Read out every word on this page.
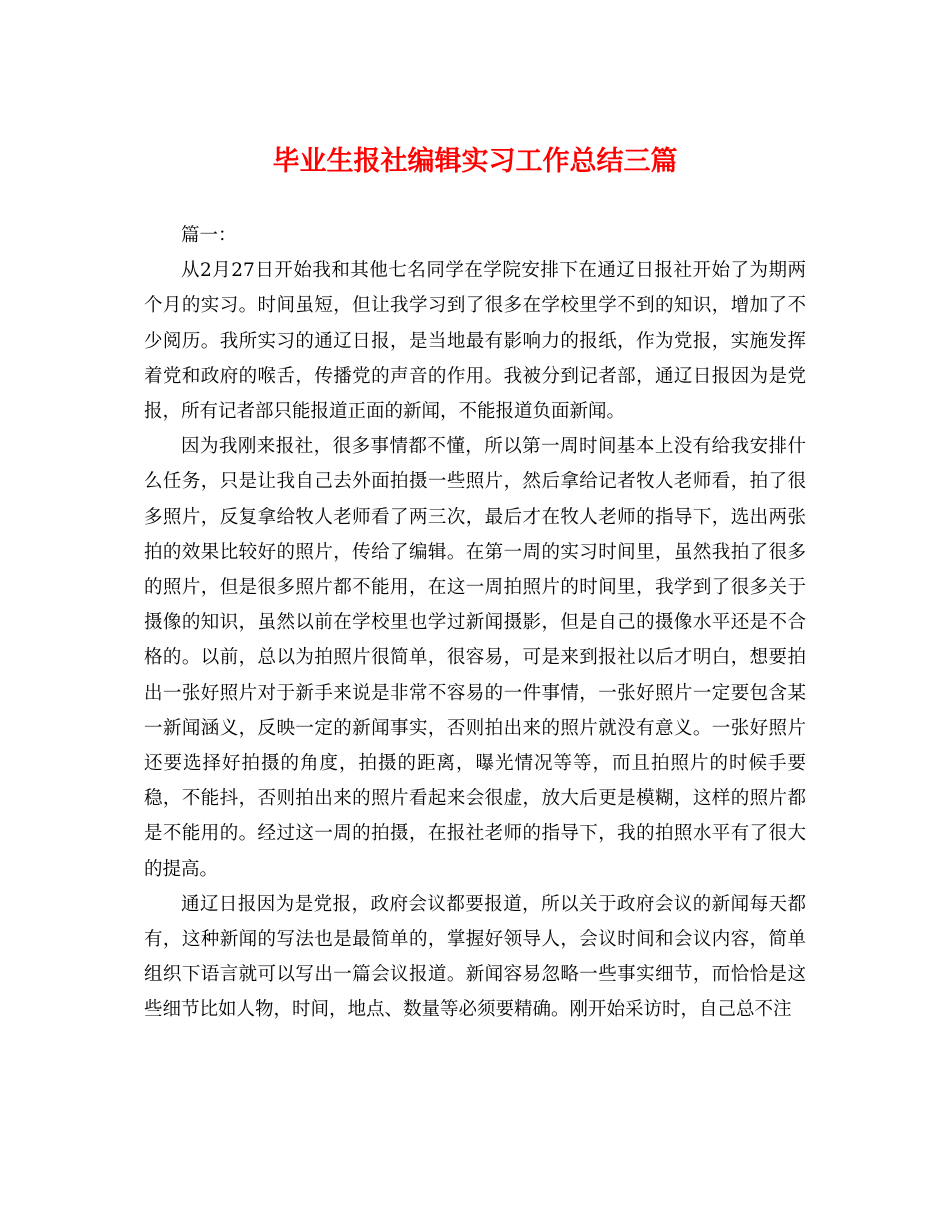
毕业生报社编辑实习工作总结三篇

篇一：

从2月27日开始我和其他七名同学在学院安排下在通辽日报社开始了为期两个月的实习。时间虽短，但让我学习到了很多在学校里学不到的知识，增加了不少阅历。我所实习的通辽日报，是当地最有影响力的报纸，作为党报，实施发挥着党和政府的喉舌，传播党的声音的作用。我被分到记者部，通辽日报因为是党报，所有记者部只能报道正面的新闻，不能报道负面新闻。

因为我刚来报社，很多事情都不懂，所以第一周时间基本上没有给我安排什么任务，只是让我自己去外面拍摄一些照片，然后拿给记者牧人老师看，拍了很多照片，反复拿给牧人老师看了两三次，最后才在牧人老师的指导下，选出两张拍的效果比较好的照片，传给了编辑。在第一周的实习时间里，虽然我拍了很多的照片，但是很多照片都不能用，在这一周拍照片的时间里，我学到了很多关于摄像的知识，虽然以前在学校里也学过新闻摄影，但是自己的摄像水平还是不合格的。以前，总以为拍照片很简单，很容易，可是来到报社以后才明白，想要拍出一张好照片对于新手来说是非常不容易的一件事情，一张好照片一定要包含某一新闻涵义，反映一定的新闻事实，否则拍出来的照片就没有意义。一张好照片还要选择好拍摄的角度，拍摄的距离，曝光情况等等，而且拍照片的时候手要稳，不能抖，否则拍出来的照片看起来会很虚，放大后更是模糊，这样的照片都是不能用的。经过这一周的拍摄，在报社老师的指导下，我的拍照水平有了很大的提高。

通辽日报因为是党报，政府会议都要报道，所以关于政府会议的新闻每天都有，这种新闻的写法也是最简单的，掌握好领导人，会议时间和会议内容，简单组织下语言就可以写出一篇会议报道。新闻容易忽略一些事实细节，而恰恰是这些细节比如人物，时间，地点、数量等必须要精确。刚开始采访时，自己总不注
